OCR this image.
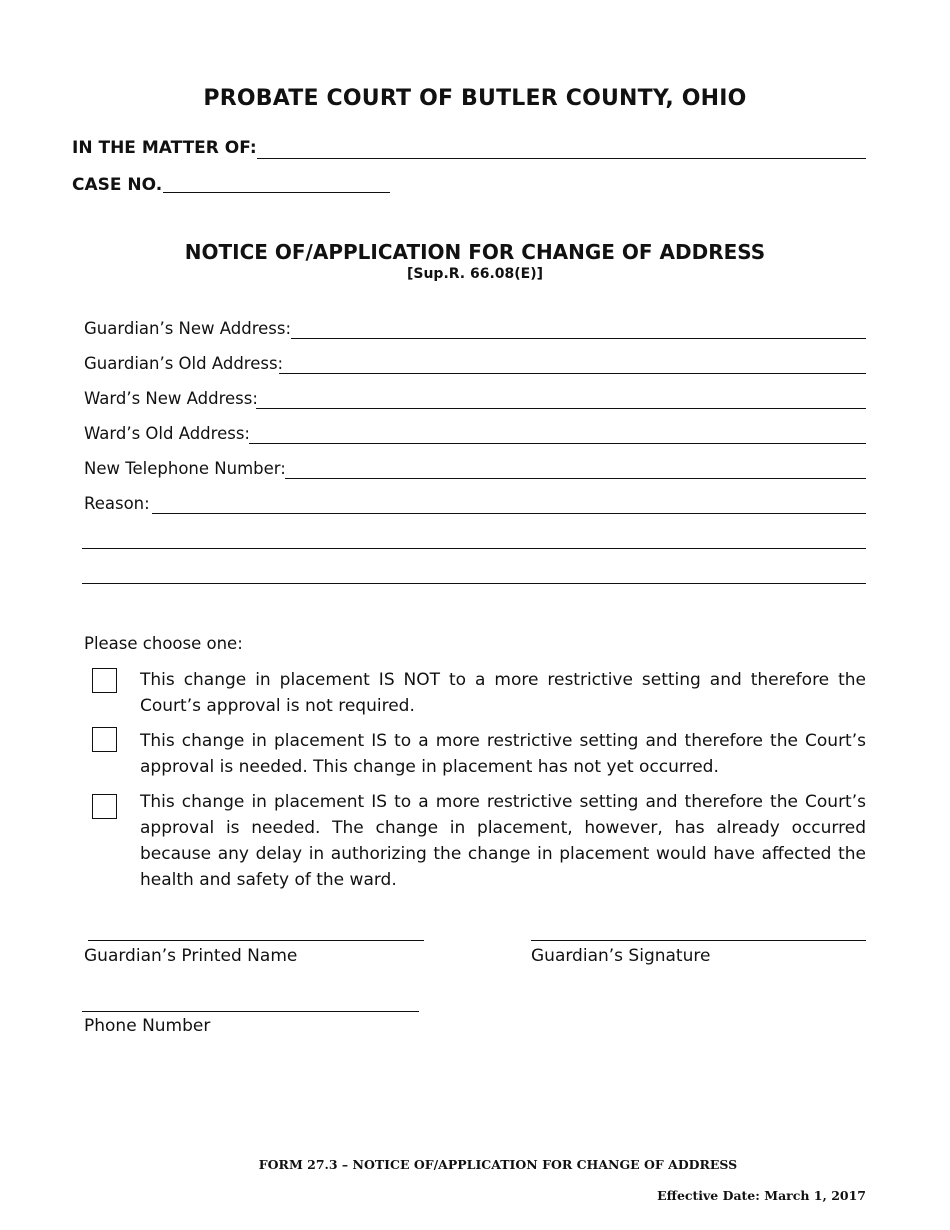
PROBATE COURT OF BUTLER COUNTY, OHIO
IN THE MATTER OF:
CASE NO.
NOTICE OF/APPLICATION FOR CHANGE OF ADDRESS
[Sup.R. 66.08(E)]
Guardian’s New Address:
Guardian’s Old Address:
Ward’s New Address:
Ward’s Old Address:
New Telephone Number:
Reason:
Please choose one:
This change in placement IS NOT to a more restrictive setting and therefore the Court’s approval is not required.
This change in placement IS to a more restrictive setting and therefore the Court’s approval is needed. This change in placement has not yet occurred.
This change in placement IS to a more restrictive setting and therefore the Court’s approval is needed. The change in placement, however, has already occurred because any delay in authorizing the change in placement would have affected the health and safety of the ward.
Guardian’s Printed Name	Guardian’s Signature
Phone Number
FORM 27.3 – NOTICE OF/APPLICATION FOR CHANGE OF ADDRESS
Effective Date: March 1, 2017
